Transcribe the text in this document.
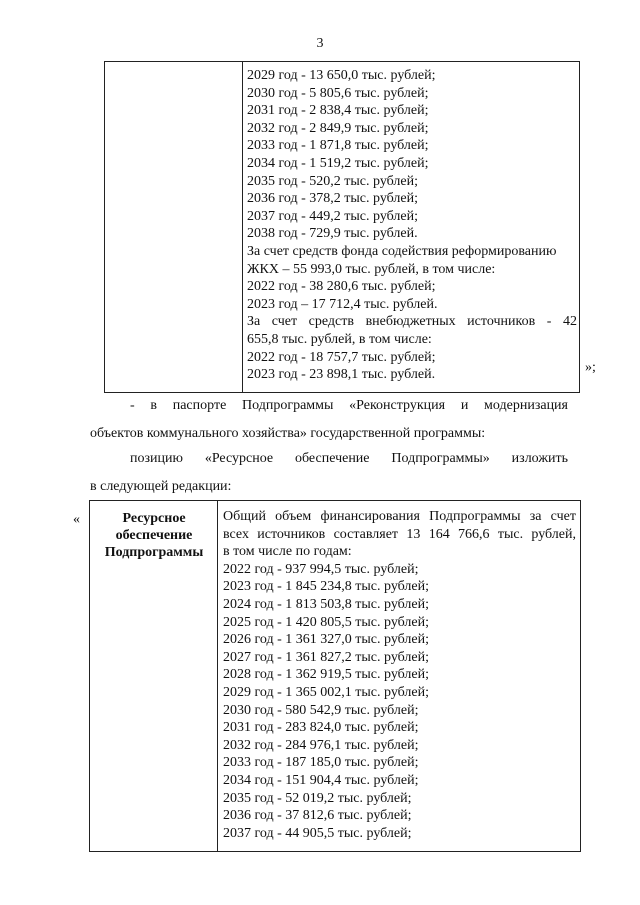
3
2029 год - 13 650,0 тыс. рублей;
2030 год - 5 805,6 тыс. рублей;
2031 год - 2 838,4 тыс. рублей;
2032 год - 2 849,9 тыс. рублей;
2033 год - 1 871,8 тыс. рублей;
2034 год - 1 519,2 тыс. рублей;
2035 год - 520,2 тыс. рублей;
2036 год - 378,2 тыс. рублей;
2037 год - 449,2 тыс. рублей;
2038 год - 729,9 тыс. рублей.
За счет средств фонда содействия реформированию
ЖКХ – 55 993,0 тыс. рублей, в том числе:
2022 год - 38 280,6 тыс. рублей;
2023 год – 17 712,4 тыс. рублей.
За счет средств внебюджетных источников - 42
655,8 тыс. рублей, в том числе:
2022 год - 18 757,7 тыс. рублей;
2023 год - 23 898,1 тыс. рублей.	»;
- в паспорте Подпрограммы «Реконструкция и модернизация
объектов коммунального хозяйства» государственной программы:
позицию «Ресурсное обеспечение Подпрограммы» изложить
в следующей редакции:
«	Ресурсное
обеспечение
Подпрограммы
Общий объем финансирования Подпрограммы за счет
всех источников составляет 13 164 766,6 тыс. рублей,
в том числе по годам:
2022 год - 937 994,5 тыс. рублей;
2023 год - 1 845 234,8 тыс. рублей;
2024 год - 1 813 503,8 тыс. рублей;
2025 год - 1 420 805,5 тыс. рублей;
2026 год - 1 361 327,0 тыс. рублей;
2027 год - 1 361 827,2 тыс. рублей;
2028 год - 1 362 919,5 тыс. рублей;
2029 год - 1 365 002,1 тыс. рублей;
2030 год - 580 542,9 тыс. рублей;
2031 год - 283 824,0 тыс. рублей;
2032 год - 284 976,1 тыс. рублей;
2033 год - 187 185,0 тыс. рублей;
2034 год - 151 904,4 тыс. рублей;
2035 год - 52 019,2 тыс. рублей;
2036 год - 37 812,6 тыс. рублей;
2037 год - 44 905,5 тыс. рублей;
